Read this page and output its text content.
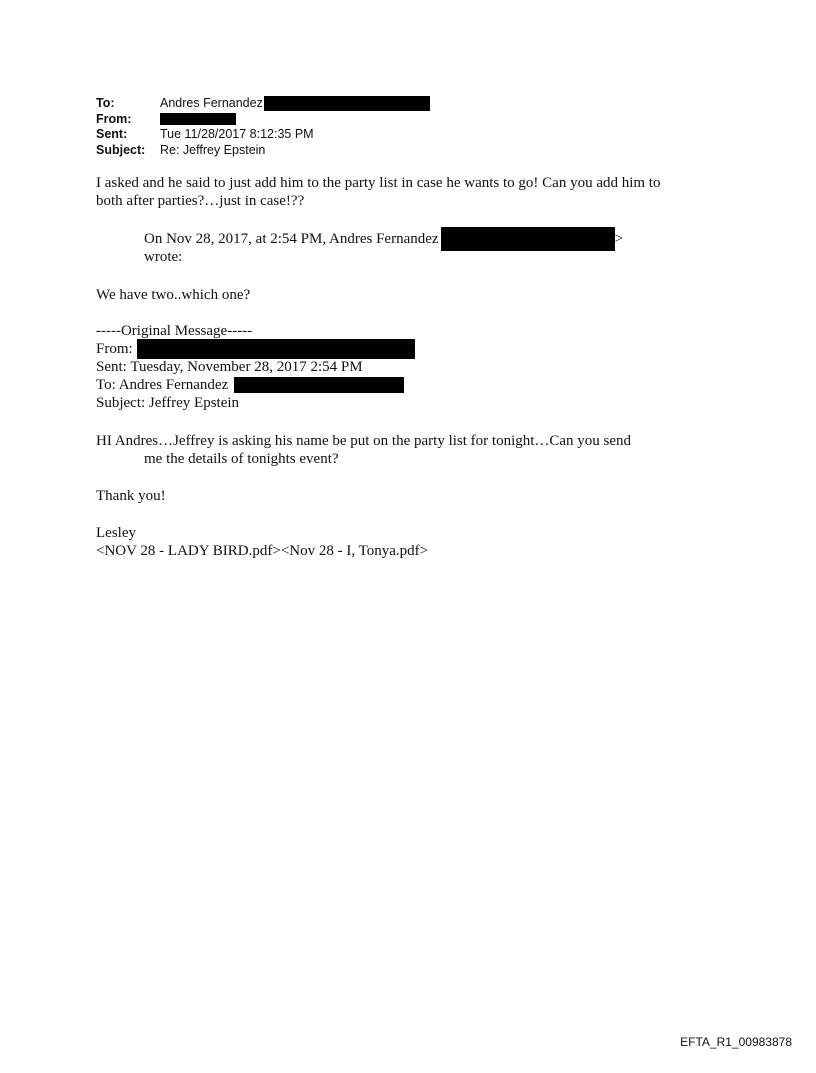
To:	Andres Fernandez
From:
Sent:	Tue 11/28/2017 8:12:35 PM
Subject:	Re: Jeffrey Epstein
I asked and he said to just add him to the party list in case he wants to go! Can you add him to
both after parties?…just in case!??
On Nov 28, 2017, at 2:54 PM, Andres Fernandez	>
wrote:
We have two..which one?
-----Original Message-----
From:
Sent: Tuesday, November 28, 2017 2:54 PM
To: Andres Fernandez
Subject: Jeffrey Epstein
HI Andres…Jeffrey is asking his name be put on the party list for tonight…Can you send
me the details of tonights event?
Thank you!
Lesley
<NOV 28 - LADY BIRD.pdf><Nov 28 - I, Tonya.pdf>
EFTA_R1_00983878
